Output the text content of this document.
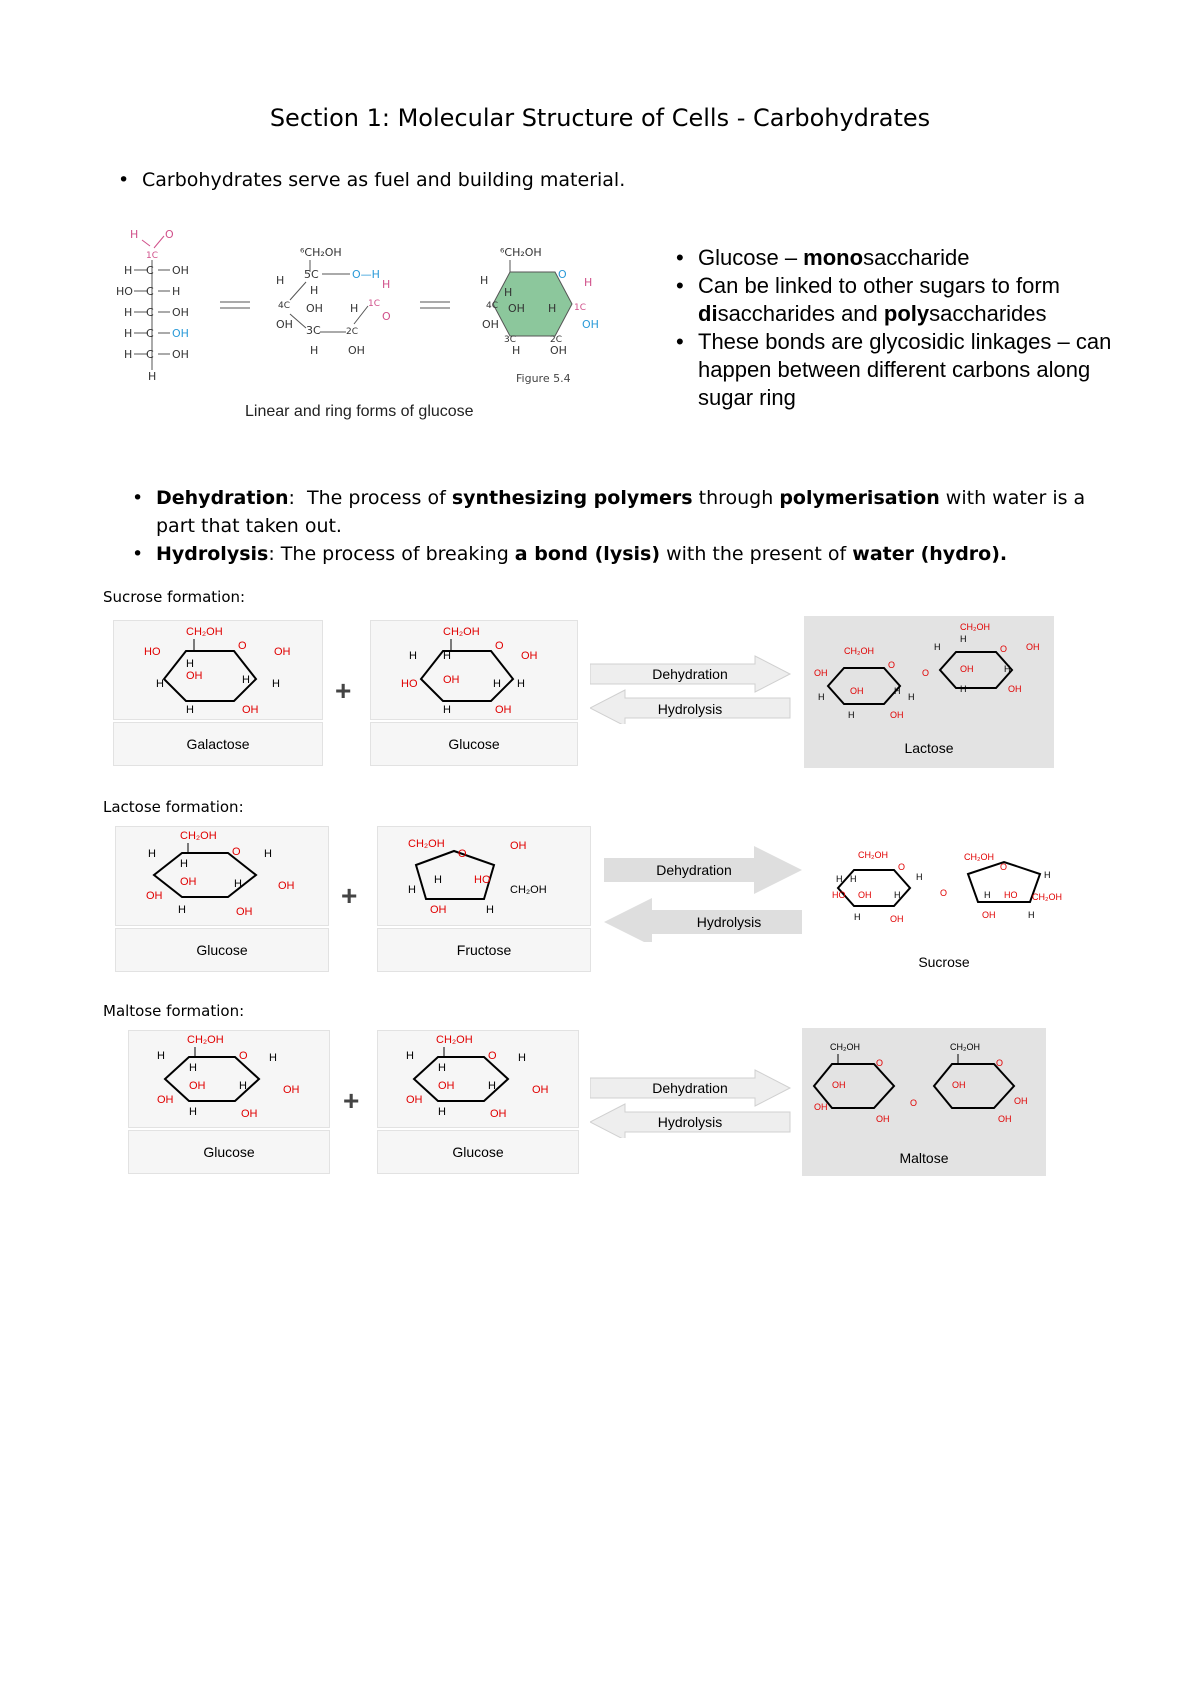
Section 1: Molecular Structure of Cells - Carbohydrates
• Carbohydrates serve as fuel and building material.
H O
1C
H C OH
HO C H
H C OH
H C OH
H C OH
H
⁶CH₂OH
5C	O—H
H
H
4C OH H
OH 3C	2C
1C
H
O
H	OH
⁶CH₂OH
H
H
4C OH H
OH
3C	2C
O
H
1C
OH
H	OH
Figure 5.4
Linear and ring forms of glucose
• Glucose – monosaccharide
• Can be linked to other sugars to form disaccharides and polysaccharides
• These bonds are glycosidic linkages – can happen between different carbons along sugar ring
• Dehydration:  The process of synthesizing polymers through polymerisation with water is a part that taken out.
• Hydrolysis: The process of breaking a bond (lysis) with the present of water (hydro).
Sucrose formation:
CH₂OH
O
HO	OH
H
OH	H
H	H
H	OH
Galactose
+
CH₂OH
O
H H	OH
HO OH	H H
H	OH
Glucose
Dehydration
Hydrolysis
CH₂OH
CH₂OH
O
O
O
OH
OH
OH
OH
OH
OH
H
H
H
H
H
H
H
H
Lactose
Lactose formation:
CH₂OH
O
H
H
H
OH	H	OH
OH
H	OH
Glucose
+
CH₂OH
O
OH
H	HO
H	CH₂OH
OH	H
Fructose
Dehydration
Hydrolysis
CH₂OH	CH₂OH
O	O
O
HO OH
OH
HO CH₂OH
OH
H H
H
H
H
H
H
H
Sucrose
Maltose formation:
CH₂OH
O
H
H
H
OH	H	OH
OH
H	OH
Glucose
+
CH₂OH
O
H
H
H
OH	H	OH
OH
H	OH
Glucose
Dehydration
Hydrolysis
CH₂OH	CH₂OH
O	O
O
OH
OH
OH
OH
OH
OH
Maltose
